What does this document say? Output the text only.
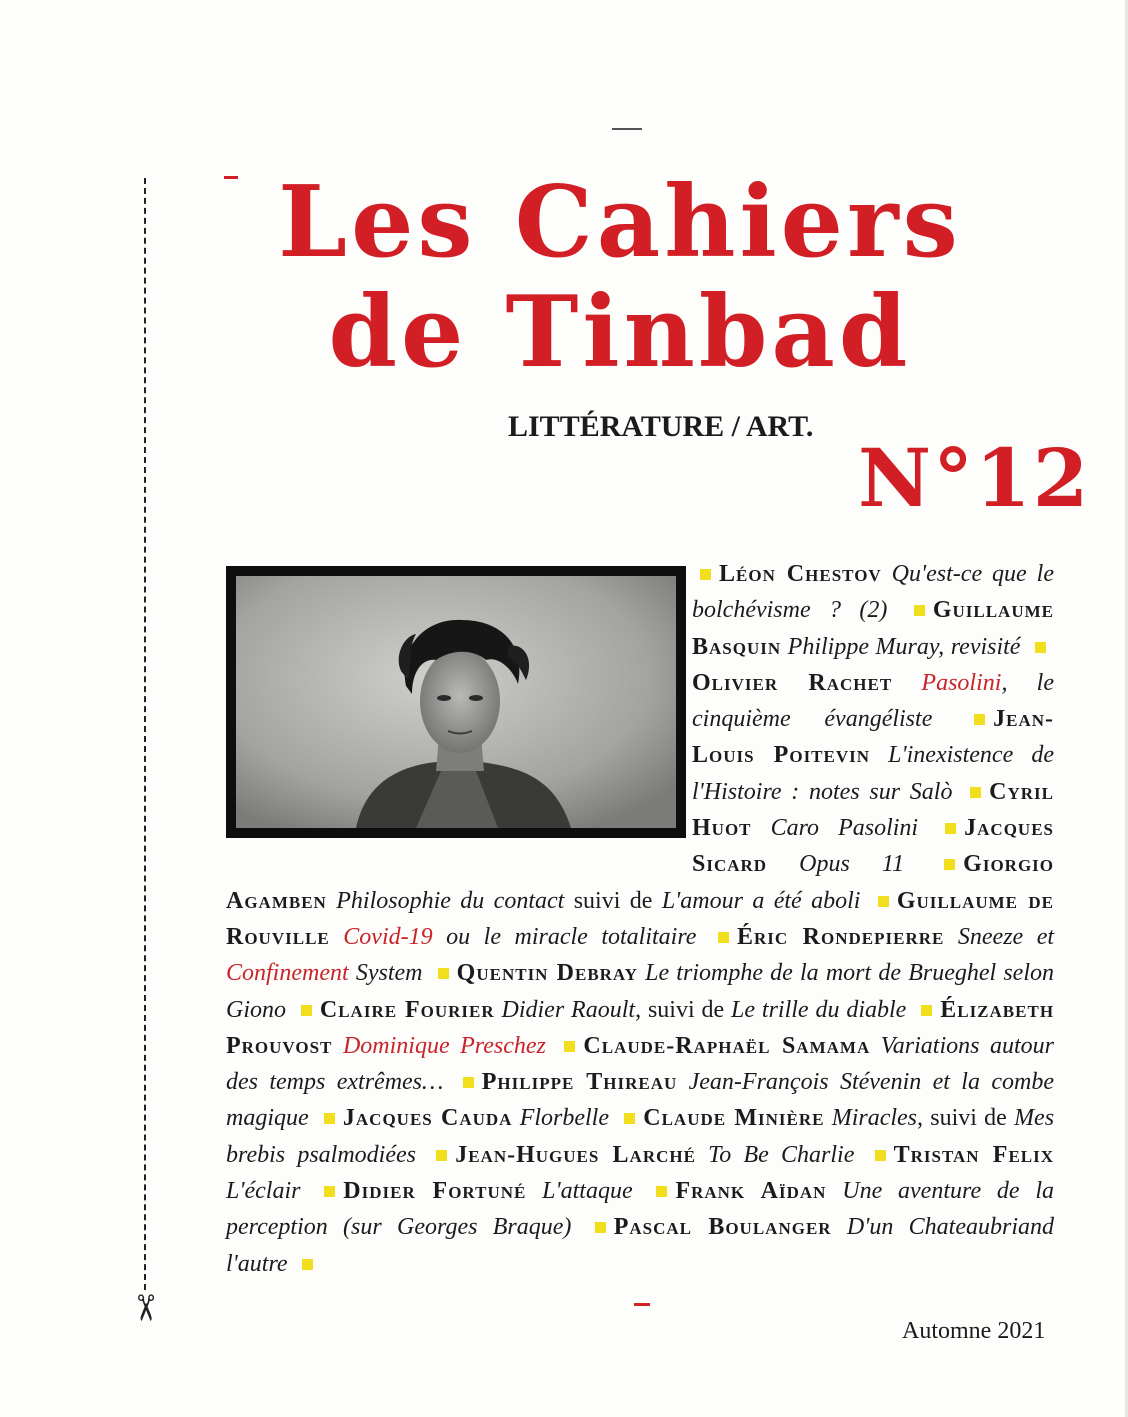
✂
Les Cahiers
de Tinbad
LITTÉRATURE / ART.
N°12
Léon Chestov Qu'est-ce que le bolchévisme ? (2) Guillaume Basquin Philippe Muray, revisité Olivier Rachet Pasolini, le cinquième évangéliste	Jean-Louis Poitevin L'inexistence de l'Histoire : notes sur Salò Cyril Huot Caro Pasolini Jacques Sicard Opus 11 Giorgio Agamben Philosophie du contact suivi de L'amour a été aboli Guillaume de Rouville Covid-19 ou le miracle totalitaire Éric Rondepierre Sneeze et Confinement System Quentin Debray Le triomphe de la mort de Brueghel selon Giono Claire Fourier Didier Raoult, suivi de Le trille du diable Élizabeth Prouvost Dominique Preschez Claude-Raphaël Samama Variations autour des temps extrêmes… Philippe Thireau Jean-François Stévenin et la combe magique Jacques Cauda Florbelle Claude Minière Miracles, suivi de Mes brebis psalmodiées Jean-Hugues Larché To Be Charlie Tristan Felix L'éclair Didier Fortuné L'attaque Frank Aïdan Une aventure de la perception (sur Georges Braque) Pascal Boulanger D'un Chateaubriand l'autre
Automne 2021
